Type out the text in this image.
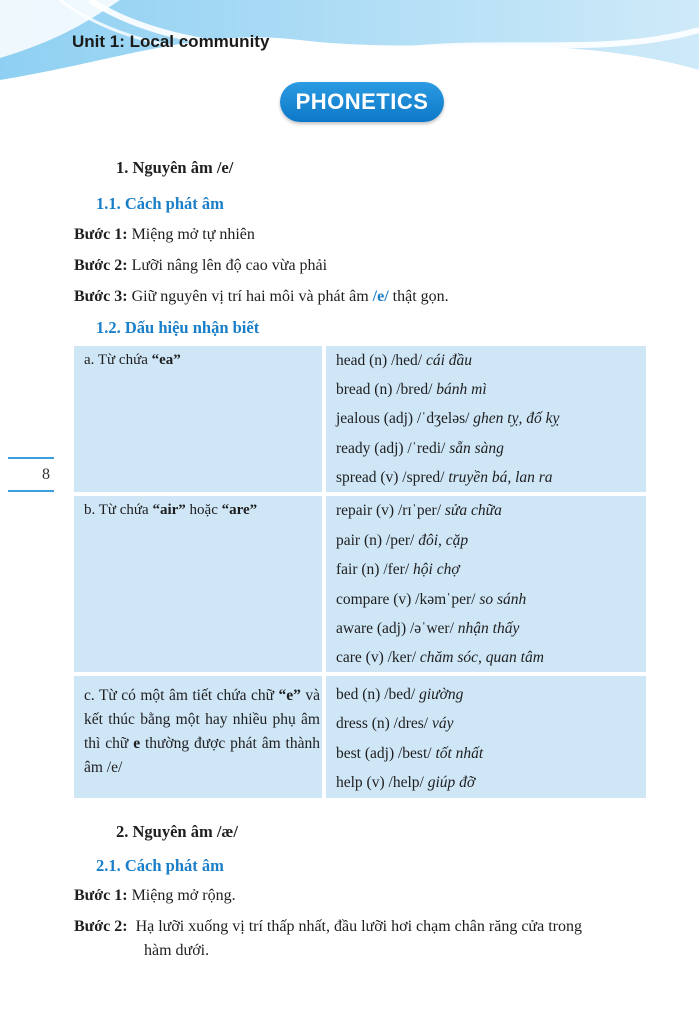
Unit 1: Local community
PHONETICS
8
1. Nguyên âm /e/
1.1. Cách phát âm
Bước 1: Miệng mở tự nhiên
Bước 2: Lưỡi nâng lên độ cao vừa phải
Bước 3: Giữ nguyên vị trí hai môi và phát âm /e/ thật gọn.
1.2. Dấu hiệu nhận biết
a. Từ chứa “ea”	head (n) /hed/ cái đầu
bread (n) /bred/ bánh mì
jealous (adj) /ˈdʒeləs/ ghen tỵ, đố kỵ
ready (adj) /ˈredi/ sẵn sàng
spread (v) /spred/ truyền bá, lan ra
b. Từ chứa “air” hoặc “are”	repair (v) /rɪˈper/ sửa chữa
pair (n) /per/ đôi, cặp
fair (n) /fer/ hội chợ
compare (v) /kəmˈper/ so sánh
aware (adj) /əˈwer/ nhận thấy
care (v) /ker/ chăm sóc, quan tâm
c. Từ có một âm tiết chứa chữ “e” và kết thúc bằng một hay nhiều phụ âm thì chữ e thường được phát âm thành âm /e/
bed (n) /bed/ giường
dress (n) /dres/ váy
best (adj) /best/ tốt nhất
help (v) /help/ giúp đỡ
2. Nguyên âm /æ/
2.1. Cách phát âm
Bước 1: Miệng mở rộng.
Bước 2: Hạ lưỡi xuống vị trí thấp nhất, đầu lưỡi hơi chạm chân răng cửa trong
hàm dưới.
